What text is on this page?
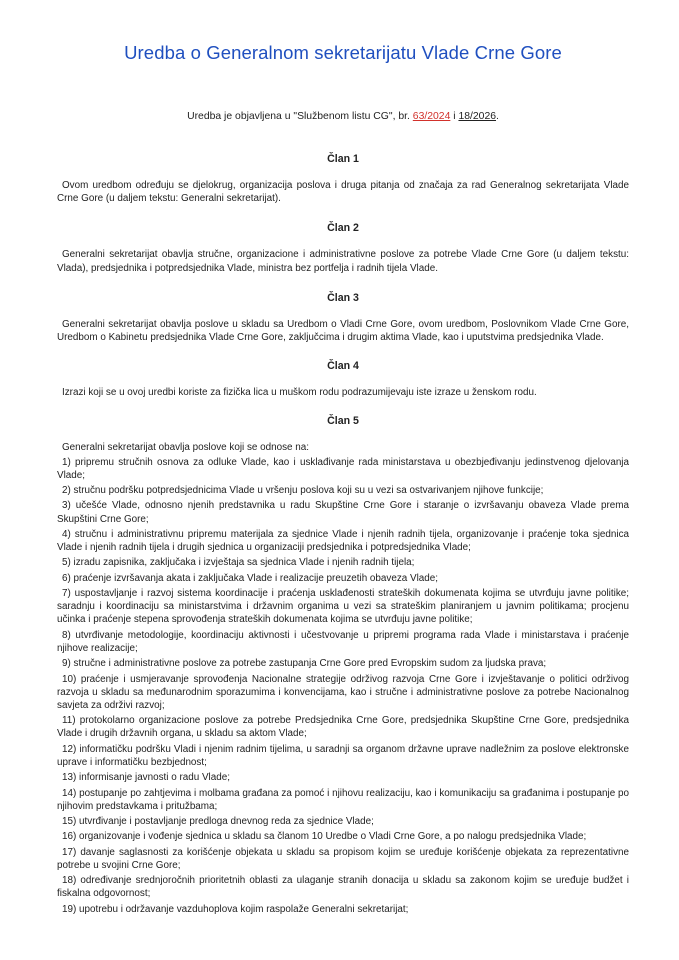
Uredba o Generalnom sekretarijatu Vlade Crne Gore
Uredba je objavljena u "Službenom listu CG", br. 63/2024 i 18/2026.
Član 1

Ovom uredbom određuju se djelokrug, organizacija poslova i druga pitanja od značaja za rad Generalnog sekretarijata Vlade Crne Gore (u daljem tekstu: Generalni sekretarijat).

Član 2

Generalni sekretarijat obavlja stručne, organizacione i administrativne poslove za potrebe Vlade Crne Gore (u daljem tekstu: Vlada), predsjednika i potpredsjednika Vlade, ministra bez portfelja i radnih tijela Vlade.

Član 3

Generalni sekretarijat obavlja poslove u skladu sa Uredbom o Vladi Crne Gore, ovom uredbom, Poslovnikom Vlade Crne Gore, Uredbom o Kabinetu predsjednika Vlade Crne Gore, zaključcima i drugim aktima Vlade, kao i uputstvima predsjednika Vlade.

Član 4

Izrazi koji se u ovoj uredbi koriste za fizička lica u muškom rodu podrazumijevaju iste izraze u ženskom rodu.

Član 5

Generalni sekretarijat obavlja poslove koji se odnose na:

1) pripremu stručnih osnova za odluke Vlade, kao i usklađivanje rada ministarstava u obezbjeđivanju jedinstvenog djelovanja Vlade;
2) stručnu podršku potpredsjednicima Vlade u vršenju poslova koji su u vezi sa ostvarivanjem njihove funkcije;
3) učešće Vlade, odnosno njenih predstavnika u radu Skupštine Crne Gore i staranje o izvršavanju obaveza Vlade prema Skupštini Crne Gore;
4) stručnu i administrativnu pripremu materijala za sjednice Vlade i njenih radnih tijela, organizovanje i praćenje toka sjednica Vlade i njenih radnih tijela i drugih sjednica u organizaciji predsjednika i potpredsjednika Vlade;
5) izradu zapisnika, zaključaka i izvještaja sa sjednica Vlade i njenih radnih tijela;
6) praćenje izvršavanja akata i zaključaka Vlade i realizacije preuzetih obaveza Vlade;
7) uspostavljanje i razvoj sistema koordinacije i praćenja usklađenosti strateških dokumenata kojima se utvrđuju javne politike; saradnju i koordinaciju sa ministarstvima i državnim organima u vezi sa strateškim planiranjem u javnim politikama; procjenu učinka i praćenje stepena sprovođenja strateških dokumenata kojima se utvrđuju javne politike;
8) utvrđivanje metodologije, koordinaciju aktivnosti i učestvovanje u pripremi programa rada Vlade i ministarstava i praćenje njihove realizacije;
9) stručne i administrativne poslove za potrebe zastupanja Crne Gore pred Evropskim sudom za ljudska prava;
10) praćenje i usmjeravanje sprovođenja Nacionalne strategije održivog razvoja Crne Gore i izvještavanje o politici održivog razvoja u skladu sa međunarodnim sporazumima i konvencijama, kao i stručne i administrativne poslove za potrebe Nacionalnog savjeta za održivi razvoj;
11) protokolarno organizacione poslove za potrebe Predsjednika Crne Gore, predsjednika Skupštine Crne Gore, predsjednika Vlade i drugih državnih organa, u skladu sa aktom Vlade;
12) informatičku podršku Vladi i njenim radnim tijelima, u saradnji sa organom državne uprave nadležnim za poslove elektronske uprave i informatičku bezbjednost;
13) informisanje javnosti o radu Vlade;
14) postupanje po zahtjevima i molbama građana za pomoć i njihovu realizaciju, kao i komunikaciju sa građanima i postupanje po njihovim predstavkama i pritužbama;
15) utvrđivanje i postavljanje predloga dnevnog reda za sjednice Vlade;
16) organizovanje i vođenje sjednica u skladu sa članom 10 Uredbe o Vladi Crne Gore, a po nalogu predsjednika Vlade;
17) davanje saglasnosti za korišćenje objekata u skladu sa propisom kojim se uređuje korišćenje objekata za reprezentativne potrebe u svojini Crne Gore;
18) određivanje srednjoročnih prioritetnih oblasti za ulaganje stranih donacija u skladu sa zakonom kojim se uređuje budžet i fiskalna odgovornost;
19) upotrebu i održavanje vazduhoplova kojim raspolaže Generalni sekretarijat;
